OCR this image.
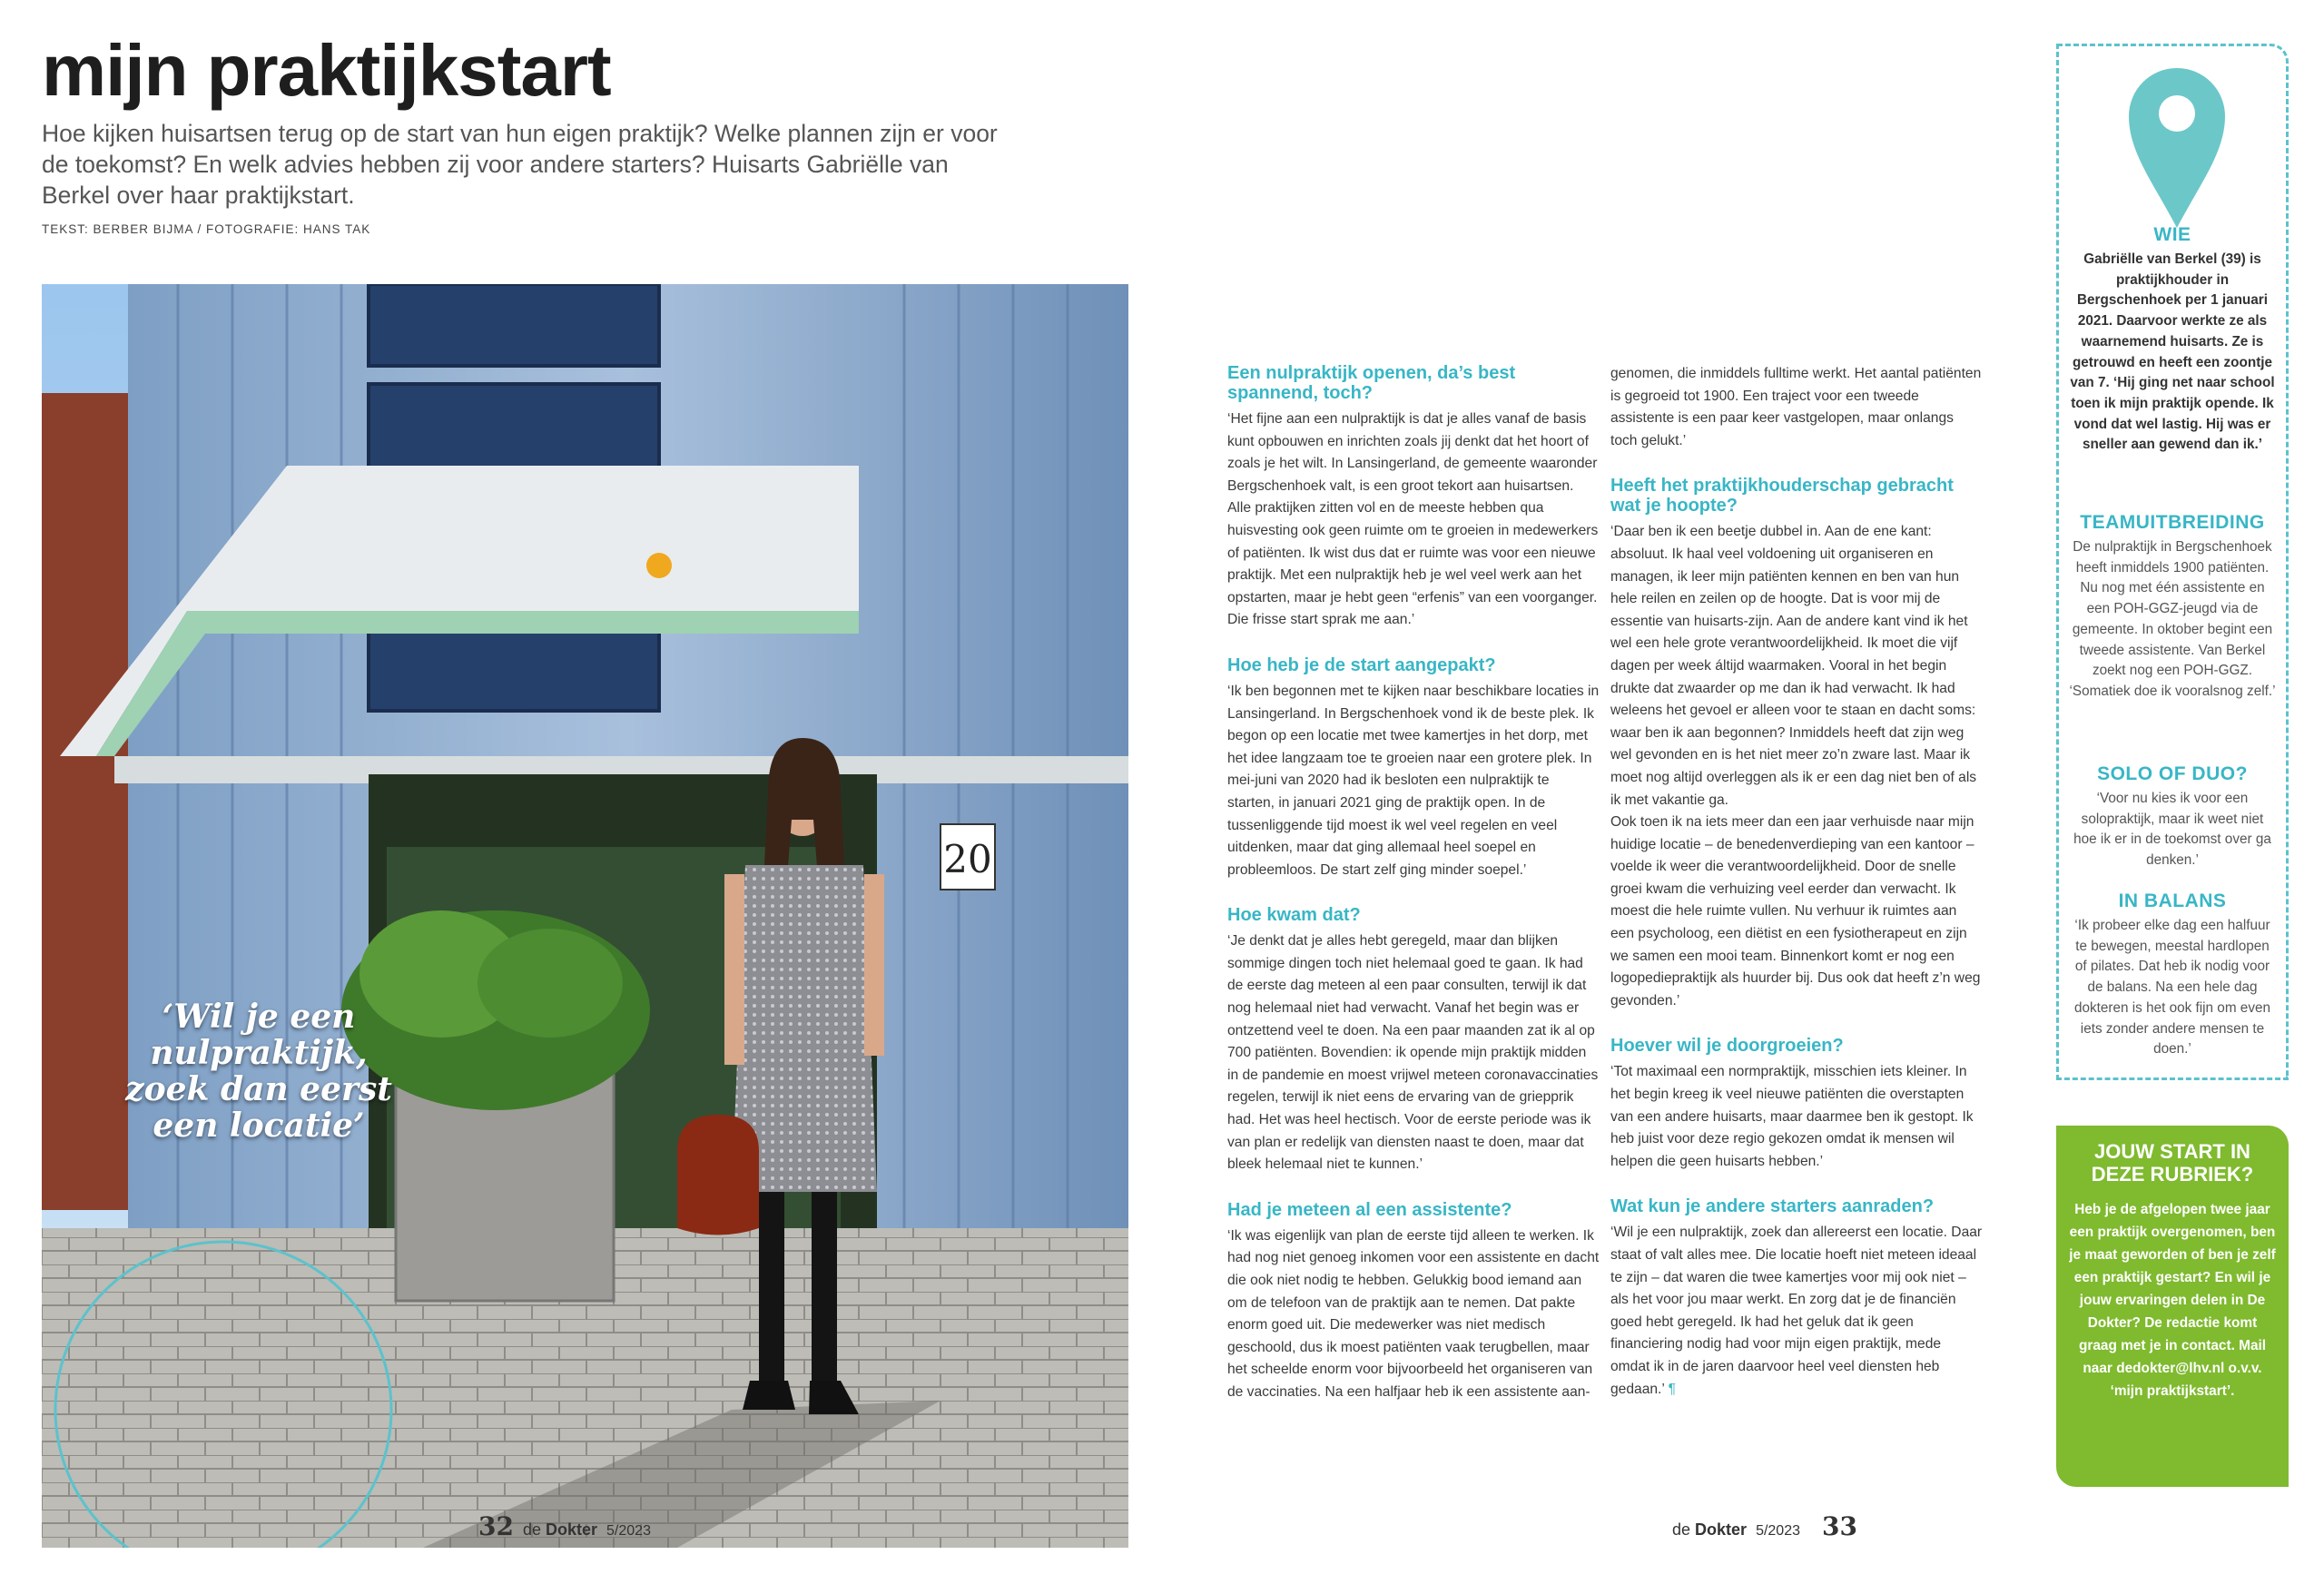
mijn praktijkstart

Hoe kijken huisartsen terug op de start van hun eigen praktijk? Welke plannen zijn er voor de toekomst? En welk advies hebben zij voor andere starters? Huisarts Gabriëlle van Berkel over haar praktijkstart.

TEKST: BERBER BIJMA / FOTOGRAFIE: HANS TAK

20

‘Wil je een nulpraktijk, zoek dan eerst een locatie’

32 de Dokter 5/2023	de Dokter 5/2023 33
Een nulpraktijk openen, da’s best spannend, toch?

‘Het fijne aan een nulpraktijk is dat je alles vanaf de basis kunt opbouwen en inrichten zoals jij denkt dat het hoort of zoals je het wilt. In Lansingerland, de gemeente waaronder Bergschenhoek valt, is een groot tekort aan huisartsen. Alle praktijken zitten vol en de meeste hebben qua huisvesting ook geen ruimte om te groeien in medewerkers of patiënten. Ik wist dus dat er ruimte was voor een nieuwe praktijk. Met een nulpraktijk heb je wel veel werk aan het opstarten, maar je hebt geen “erfenis” van een voorganger. Die frisse start sprak me aan.’

Hoe heb je de start aangepakt?

‘Ik ben begonnen met te kijken naar beschikbare locaties in Lansingerland. In Bergschenhoek vond ik de beste plek. Ik begon op een locatie met twee kamertjes in het dorp, met het idee langzaam toe te groeien naar een grotere plek. In mei-juni van 2020 had ik besloten een nulpraktijk te starten, in januari 2021 ging de praktijk open. In de tussenliggende tijd moest ik wel veel regelen en veel uitdenken, maar dat ging allemaal heel soepel en probleemloos. De start zelf ging minder soepel.’

Hoe kwam dat?

‘Je denkt dat je alles hebt geregeld, maar dan blijken sommige dingen toch niet helemaal goed te gaan. Ik had de eerste dag meteen al een paar consulten, terwijl ik dat nog helemaal niet had verwacht. Vanaf het begin was er ontzettend veel te doen. Na een paar maanden zat ik al op 700 patiënten. Bovendien: ik opende mijn praktijk midden in de pandemie en moest vrijwel meteen coronavaccinaties regelen, terwijl ik niet eens de ervaring van de griepprik had. Het was heel hectisch. Voor de eerste periode was ik van plan er redelijk van diensten naast te doen, maar dat bleek helemaal niet te kunnen.’

Had je meteen al een assistente?

‘Ik was eigenlijk van plan de eerste tijd alleen te werken. Ik had nog niet genoeg inkomen voor een assistente en dacht die ook niet nodig te hebben. Gelukkig bood iemand aan om de telefoon van de praktijk aan te nemen. Dat pakte enorm goed uit. Die medewerker was niet medisch geschoold, dus ik moest patiënten vaak terugbellen, maar het scheelde enorm voor bijvoorbeeld het organiseren van de vaccinaties. Na een halfjaar heb ik een assistente aan-

genomen, die inmiddels fulltime werkt. Het aantal patiënten is gegroeid tot 1900. Een traject voor een tweede assistente is een paar keer vastgelopen, maar onlangs toch gelukt.’

Heeft het praktijkhouderschap gebracht wat je hoopte?

‘Daar ben ik een beetje dubbel in. Aan de ene kant: absoluut. Ik haal veel voldoening uit organiseren en managen, ik leer mijn patiënten kennen en ben van hun hele reilen en zeilen op de hoogte. Dat is voor mij de essentie van huisarts-zijn. Aan de andere kant vind ik het wel een hele grote verantwoordelijkheid. Ik moet die vijf dagen per week áltijd waarmaken. Vooral in het begin drukte dat zwaarder op me dan ik had verwacht. Ik had weleens het gevoel er alleen voor te staan en dacht soms: waar ben ik aan begonnen? Inmiddels heeft dat zijn weg wel gevonden en is het niet meer zo’n zware last. Maar ik moet nog altijd overleggen als ik er een dag niet ben of als ik met vakantie ga.

Ook toen ik na iets meer dan een jaar verhuisde naar mijn huidige locatie – de benedenverdieping van een kantoor – voelde ik weer die verantwoordelijkheid. Door de snelle groei kwam die verhuizing veel eerder dan verwacht. Ik moest die hele ruimte vullen. Nu verhuur ik ruimtes aan een psycholoog, een diëtist en een fysiotherapeut en zijn we samen een mooi team. Binnenkort komt er nog een logopediepraktijk als huurder bij. Dus ook dat heeft z’n weg gevonden.’

Hoever wil je doorgroeien?

‘Tot maximaal een normpraktijk, misschien iets kleiner. In het begin kreeg ik veel nieuwe patiënten die overstapten van een andere huisarts, maar daarmee ben ik gestopt. Ik heb juist voor deze regio gekozen omdat ik mensen wil helpen die geen huisarts hebben.’

Wat kun je andere starters aanraden?

‘Wil je een nulpraktijk, zoek dan allereerst een locatie. Daar staat of valt alles mee. Die locatie hoeft niet meteen ideaal te zijn – dat waren die twee kamertjes voor mij ook niet – als het voor jou maar werkt. En zorg dat je de financiën goed hebt geregeld. Ik had het geluk dat ik geen financiering nodig had voor mijn eigen praktijk, mede omdat ik in de jaren daarvoor heel veel diensten heb gedaan.’ ¶

WIE

Gabriëlle van Berkel (39) is praktijkhouder in Bergschenhoek per 1 januari 2021. Daarvoor werkte ze als waarnemend huisarts. Ze is getrouwd en heeft een zoontje van 7. ‘Hij ging net naar school toen ik mijn praktijk opende. Ik vond dat wel lastig. Hij was er sneller aan gewend dan ik.’

TEAMUITBREIDING

De nulpraktijk in Bergschenhoek heeft inmiddels 1900 patiënten. Nu nog met één assistente en een POH-GGZ-jeugd via de gemeente. In oktober begint een tweede assistente. Van Berkel zoekt nog een POH-GGZ. ‘Somatiek doe ik vooralsnog zelf.’

SOLO OF DUO?

‘Voor nu kies ik voor een solopraktijk, maar ik weet niet hoe ik er in de toekomst over ga denken.’

IN BALANS

‘Ik probeer elke dag een halfuur te bewegen, meestal hardlopen of pilates. Dat heb ik nodig voor de balans. Na een hele dag dokteren is het ook fijn om even iets zonder andere mensen te doen.’

JOUW START IN DEZE RUBRIEK?

Heb je de afgelopen twee jaar een praktijk overgenomen, ben je maat geworden of ben je zelf een praktijk gestart? En wil je jouw ervaringen delen in De Dokter? De redactie komt graag met je in contact. Mail naar dedokter@lhv.nl o.v.v. ‘mijn praktijkstart’.
